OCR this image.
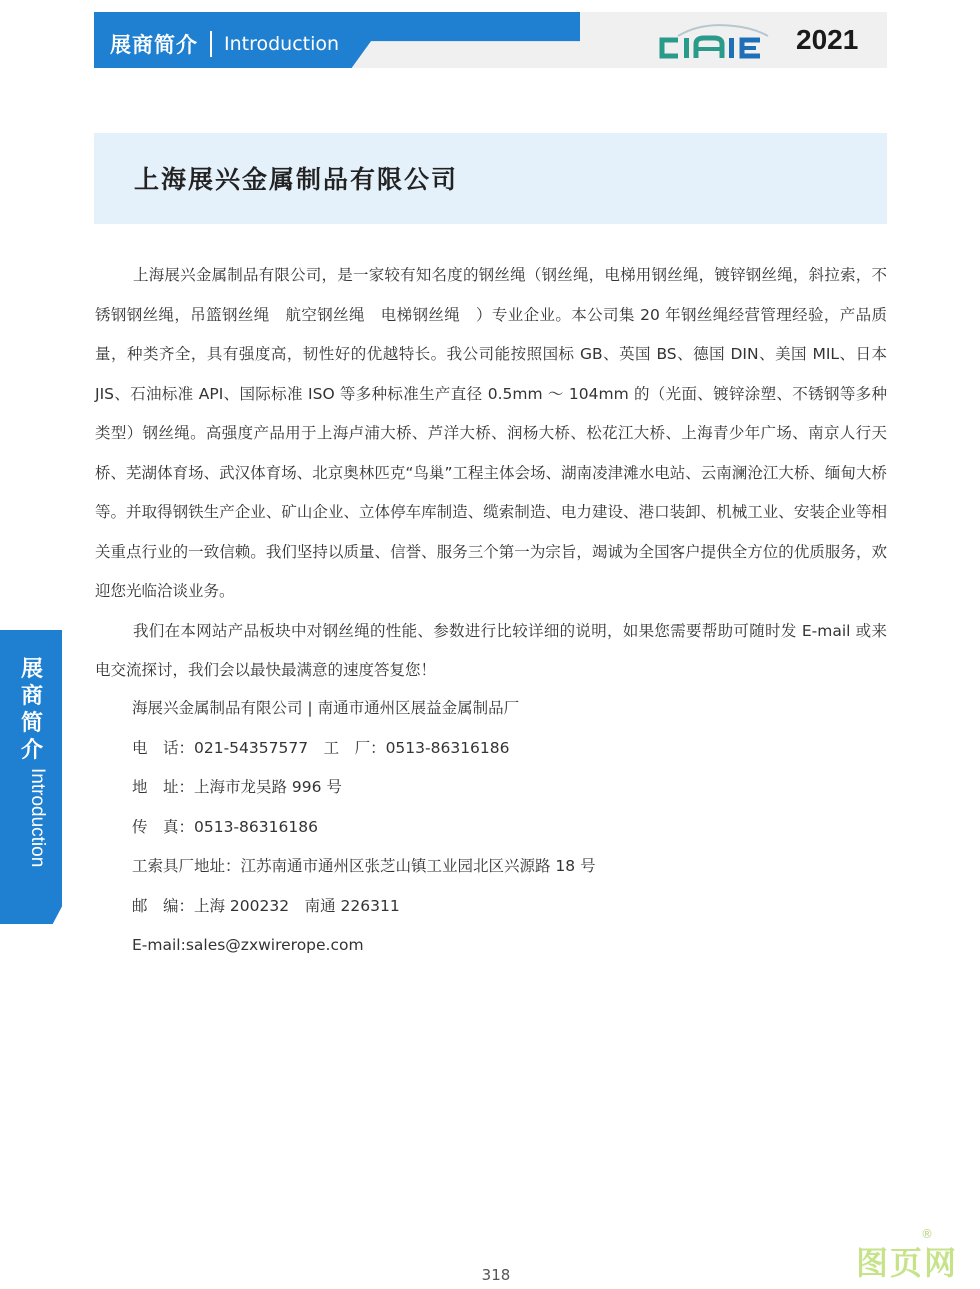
展商简介 Introduction
CIAIE
2021
上海展兴金属制品有限公司

上海展兴金属制品有限公司，是一家较有知名度的钢丝绳（钢丝绳，电梯用钢丝绳，镀锌钢丝绳，斜拉索，不锈钢钢丝绳，吊篮钢丝绳　航空钢丝绳　电梯钢丝绳　）专业企业。本公司集 20 年钢丝绳经营管理经验，产品质量，种类齐全，具有强度高，韧性好的优越特长。我公司能按照国标 GB、英国 BS、德国 DIN、美国 MIL、日本 JIS、石油标准 API、国际标准 ISO 等多种标准生产直径 0.5mm ～ 104mm 的（光面、镀锌涂塑、不锈钢等多种类型）钢丝绳。高强度产品用于上海卢浦大桥、芦洋大桥、润杨大桥、松花江大桥、上海青少年广场、南京人行天桥、芜湖体育场、武汉体育场、北京奥林匹克“鸟巢”工程主体会场、湖南凌津滩水电站、云南澜沧江大桥、缅甸大桥等。并取得钢铁生产企业、矿山企业、立体停车库制造、缆索制造、电力建设、港口装卸、机械工业、安装企业等相关重点行业的一致信赖。我们坚持以质量、信誉、服务三个第一为宗旨，竭诚为全国客户提供全方位的优质服务，欢迎您光临洽谈业务。

我们在本网站产品板块中对钢丝绳的性能、参数进行比较详细的说明，如果您需要帮助可随时发 E-mail 或来电交流探讨，我们会以最快最满意的速度答复您！

海展兴金属制品有限公司 | 南通市通州区展益金属制品厂
电　话：021-54357577　工　厂：0513-86316186
地　址：上海市龙吴路 996 号
传　真：0513-86316186
工索具厂地址：江苏南通市通州区张芝山镇工业园北区兴源路 18 号
邮　编：上海 200232　南通 226311
E-mail:sales@zxwirerope.com
展商简介
Introduction
318	图页网
®
